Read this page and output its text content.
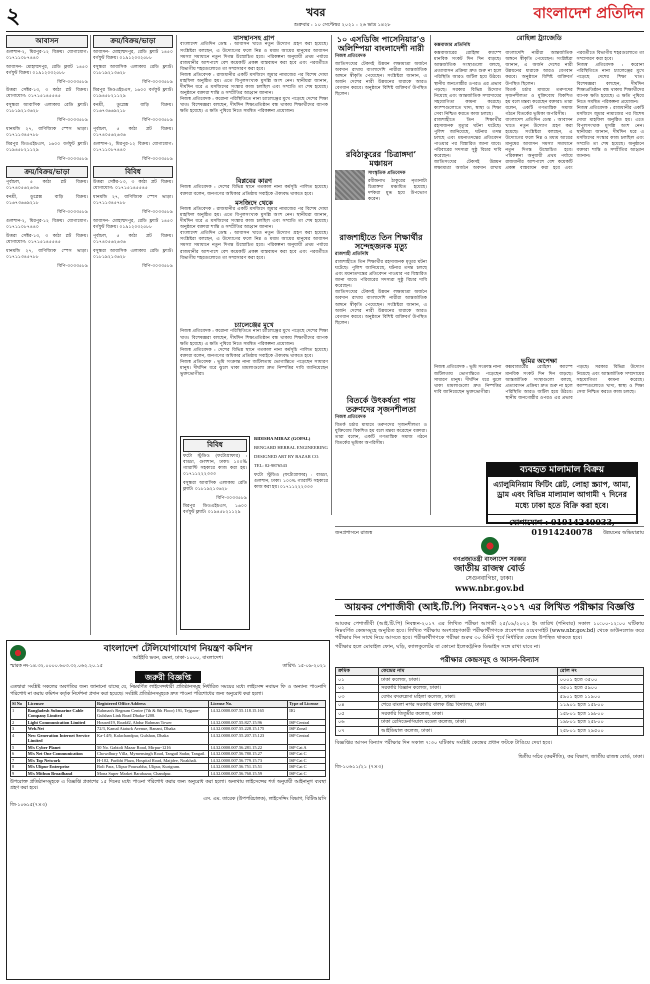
২	খবর
শুক্রবার : ১০ সেপ্টেম্বর ২০২১ : ২৬ ভাদ্র ১৪২৮
বাংলাদেশ প্রতিদিন
আবাসন
গুলশান-২, মিরপুর-১২ বিক্রয়। যোগাযোগ: ০১৭১১০৮৭৪৪০
আবাসন- মোহাম্মদপুর, রেডি ফ্ল্যাট ১৪৫০ বর্গফুট বিক্রয়। ০১৯১২০৩২৫৮৮
বিপি-৩০৩৩৫৮৯
উত্তরা সেক্টর-১৩, ৩ কাঠা প্লট বিক্রয়। যোগাযোগ: ০১৭১৫১৪৫৫৪৫
বসুন্ধরা আবাসিক এলাকায় রেডি ফ্ল্যাট। ০১৮১৯২১৩৬২৮
বিপি-৩০৩৩৫৮৯
ধানমন্ডি ২৭, বাণিজ্যিক স্পেস ভাড়া। ০১৭১১৩৪৫৭৮৮
মিরপুর ডিওএইচএস, ১৬০০ বর্গফুট ফ্ল্যাট। ০১৯৪৫৮২১১২৯
বিপি-৩০৩৩৫৮৯
ক্রয়/বিক্রয়/ভাড়া
পূর্বাচল, ৫ কাঠা প্লট বিক্রয়। ০১৭৪০৫৬২৬৩৬
বনশ্রী, ডুপ্লেক্স বাড়ি বিক্রয়। ০১৬৭৩৬৬৯২১৮
বিপি-৩০৩৩৫৮৯
গুলশান-২, মিরপুর-১২ বিক্রয়। যোগাযোগ: ০১৭১১০৮৭৪৪০
উত্তরা সেক্টর-১৩, ৩ কাঠা প্লট বিক্রয়। যোগাযোগ: ০১৭১৫১৪৫৫৪৫
ধানমন্ডি ২৭, বাণিজ্যিক স্পেস ভাড়া। ০১৭১১৩৪৫৭৮৮
বিপি-৩০৩৩৫৮৯
ক্রয়/বিক্রয়/ভাড়া
আবাসন- মোহাম্মদপুর, রেডি ফ্ল্যাট ১৪৫০ বর্গফুট বিক্রয়। ০১৯১২০৩২৫৮৮
বসুন্ধরা আবাসিক এলাকায় রেডি ফ্ল্যাট। ০১৮১৯২১৩৬২৮
বিপি-৩০৩৩৫৮৯
মিরপুর ডিওএইচএস, ১৬০০ বর্গফুট ফ্ল্যাট। ০১৯৪৫৮২১১২৯
বনশ্রী, ডুপ্লেক্স বাড়ি বিক্রয়। ০১৬৭৩৬৬৯২১৮
বিপি-৩০৩৩৫৮৯
পূর্বাচল, ৫ কাঠা প্লট বিক্রয়। ০১৭৪০৫৬২৬৩৬
গুলশান-২, মিরপুর-১২ বিক্রয়। যোগাযোগ: ০১৭১১০৮৭৪৪০
বিপি-৩০৩৩৫৮৯
বিবিধ
উত্তরা সেক্টর-১৩, ৩ কাঠা প্লট বিক্রয়। যোগাযোগ: ০১৭১৫১৪৫৫৪৫
ধানমন্ডি ২৭, বাণিজ্যিক স্পেস ভাড়া। ০১৭১১৩৪৫৭৮৮
বিপি-৩০৩৩৫৮৯
আবাসন- মোহাম্মদপুর, রেডি ফ্ল্যাট ১৪৫০ বর্গফুট বিক্রয়। ০১৯১২০৩২৫৮৮
পূর্বাচল, ৫ কাঠা প্লট বিক্রয়। ০১৭৪০৫৬২৬৩৬
বসুন্ধরা আবাসিক এলাকায় রেডি ফ্ল্যাট। ০১৮১৯২১৩৬২৮
বিপি-৩০৩৩৫৮৯
বাসস্থানসহ গ্রাপ
বাংলাদেশ প্রতিদিন ডেস্ক : আবাসন খাতে নতুন উদ্যোগ গ্রহণ করা হয়েছে। সংশ্লিষ্টরা বলছেন, এ উদ্যোগের ফলে নিম্ন ও মধ্যম আয়ের মানুষের আবাসন সমস্যা সমাধানে নতুন দিগন্ত উন্মোচিত হবে। পরিকল্পনা অনুযায়ী প্রথম পর্যায়ে রাজধানীর আশপাশে বেশ কয়েকটি প্রকল্প বাস্তবায়ন করা হবে এবং পরবর্তীতে বিভাগীয় শহরগুলোতে তা সম্প্রসারণ করা হবে।
নিজস্ব প্রতিবেদক : রাজধানীর একটি মসজিদে জুমার নামাজের পর বিশেষ দোয়া মাহফিল অনুষ্ঠিত হয়। এতে বিপুলসংখ্যক মুসল্লি অংশ নেন। স্থানীয়রা জানান, দীর্ঘদিন ধরে এ মসজিদের সংস্কার কাজ চলছিল এবং সম্প্রতি তা শেষ হয়েছে। অনুষ্ঠানে বক্তারা শান্তি ও সম্প্রীতির আহ্বান জানান।
নিজস্ব প্রতিবেদক : করোনা পরিস্থিতিতে নানা চ্যালেঞ্জের মুখে পড়েছে দেশের শিক্ষা খাত। বিশেষজ্ঞরা বলছেন, দীর্ঘদিন শিক্ষাপ্রতিষ্ঠান বন্ধ থাকায় শিক্ষার্থীদের ব্যাপক ক্ষতি হয়েছে। এ ক্ষতি পুষিয়ে নিতে সমন্বিত পরিকল্পনা প্রয়োজন।
বিপ্লবের কারণ
নিজস্ব প্রতিবেদক : দেশের বিভিন্ন স্থানে গতকাল নানা কর্মসূচি পালিত হয়েছে। বক্তারা বলেন, জনগণের অধিকার প্রতিষ্ঠায় সবাইকে ঐক্যবদ্ধ থাকতে হবে।
মসজিদে থেকে
নিজস্ব প্রতিবেদক : রাজধানীর একটি মসজিদে জুমার নামাজের পর বিশেষ দোয়া মাহফিল অনুষ্ঠিত হয়। এতে বিপুলসংখ্যক মুসল্লি অংশ নেন। স্থানীয়রা জানান, দীর্ঘদিন ধরে এ মসজিদের সংস্কার কাজ চলছিল এবং সম্প্রতি তা শেষ হয়েছে। অনুষ্ঠানে বক্তারা শান্তি ও সম্প্রীতির আহ্বান জানান।
বাংলাদেশ প্রতিদিন ডেস্ক : আবাসন খাতে নতুন উদ্যোগ গ্রহণ করা হয়েছে। সংশ্লিষ্টরা বলছেন, এ উদ্যোগের ফলে নিম্ন ও মধ্যম আয়ের মানুষের আবাসন সমস্যা সমাধানে নতুন দিগন্ত উন্মোচিত হবে। পরিকল্পনা অনুযায়ী প্রথম পর্যায়ে রাজধানীর আশপাশে বেশ কয়েকটি প্রকল্প বাস্তবায়ন করা হবে এবং পরবর্তীতে বিভাগীয় শহরগুলোতে তা সম্প্রসারণ করা হবে।
চ্যালেঞ্জের মুখে
নিজস্ব প্রতিবেদক : করোনা পরিস্থিতিতে নানা চ্যালেঞ্জের মুখে পড়েছে দেশের শিক্ষা খাত। বিশেষজ্ঞরা বলছেন, দীর্ঘদিন শিক্ষাপ্রতিষ্ঠান বন্ধ থাকায় শিক্ষার্থীদের ব্যাপক ক্ষতি হয়েছে। এ ক্ষতি পুষিয়ে নিতে সমন্বিত পরিকল্পনা প্রয়োজন।
নিজস্ব প্রতিবেদক : দেশের বিভিন্ন স্থানে গতকাল নানা কর্মসূচি পালিত হয়েছে। বক্তারা বলেন, জনগণের অধিকার প্রতিষ্ঠায় সবাইকে ঐক্যবদ্ধ থাকতে হবে।
নিজস্ব প্রতিবেদক : ভূমি সংক্রান্ত নানা জটিলতায় ভোগান্তিতে পড়েছেন সাধারণ মানুষ। দীর্ঘদিন ধরে ঝুলে থাকা মামলাগুলো দ্রুত নিষ্পত্তির দাবি জানিয়েছেন ভুক্তভোগীরা।
বিবিধ
ফটো স্টুডিও (ফটোগ্রাফার) : বাড্ডা, গুলশান, ঢাকা। ১০০% গ্যারান্টি সহকারে কাজ করা হয়। ০১৭১১২২২৩৩৩
বসুন্ধরা আবাসিক এলাকায় রেডি ফ্ল্যাট। ০১৮১৯২১৩৬২৮
বিপি-৩০৩৩৫৮৯
মিরপুর ডিওএইচএস, ১৬০০ বর্গফুট ফ্ল্যাট। ০১৯৪৫৮২১১২৯
BIDISHA MIRAZ (GOPAL)
BENGARD HERBAL ENGINEERING
DESIGNED ART BY BAZAR CO.
TEL: 02-9876543
ফটো স্টুডিও (ফটোগ্রাফার) : বাড্ডা, গুলশান, ঢাকা। ১০০% গ্যারান্টি সহকারে কাজ করা হয়। ০১৭১১২২২৩৩৩
১০ এসডিজি পাসেনিয়ার’ও অলিম্পিয়া বাংলাদেশী নারী
নিজস্ব প্রতিবেদক
জাতিসংঘের টেকসই উন্নয়ন লক্ষ্যমাত্রা অর্জনে অবদান রাখায় বাংলাদেশি নারীরা আন্তর্জাতিক অঙ্গনে স্বীকৃতি পেয়েছেন। সংশ্লিষ্টরা জানান, এ অর্জন দেশের নারী উন্নয়নের ধারাকে আরও বেগবান করবে। অনুষ্ঠানে বিশিষ্ট ব্যক্তিবর্গ উপস্থিত ছিলেন।
রবিঠাকুরের ‘চিত্রাঙ্গদা’ মঞ্চায়ন
সাংস্কৃতিক প্রতিবেদক
রবীন্দ্রনাথ ঠাকুরের নৃত্যনাট্য চিত্রাঙ্গদা মঞ্চায়িত হয়েছে। দর্শকরা মুগ্ধ হয়ে উপভোগ করেন।
রাজশাহীতে তিন শিক্ষার্থীর সন্দেহজনক মৃত্যু
রাজশাহী প্রতিনিধি
রাজশাহীতে তিন শিক্ষার্থীর রহস্যজনক মৃত্যুর ঘটনা ঘটেছে। পুলিশ জানিয়েছে, ঘটনার তদন্ত চলছে এবং ময়নাতদন্তের প্রতিবেদন পাওয়ার পর বিস্তারিত জানা যাবে। পরিবারের সদস্যরা সুষ্ঠু বিচার দাবি করেছেন।
জাতিসংঘের টেকসই উন্নয়ন লক্ষ্যমাত্রা অর্জনে অবদান রাখায় বাংলাদেশি নারীরা আন্তর্জাতিক অঙ্গনে স্বীকৃতি পেয়েছেন। সংশ্লিষ্টরা জানান, এ অর্জন দেশের নারী উন্নয়নের ধারাকে আরও বেগবান করবে। অনুষ্ঠানে বিশিষ্ট ব্যক্তিবর্গ উপস্থিত ছিলেন।
বিতর্কে উৎকর্ষতা পায় তরুণদের সৃজনশীলতা
নিজস্ব প্রতিবেদক
বিতর্ক চর্চার মাধ্যমে তরুণদের সৃজনশীলতা ও যুক্তিবোধ বিকশিত হয় বলে মন্তব্য করেছেন বক্তারা। তারা বলেন, একটি গণতান্ত্রিক সমাজ গঠনে বিতর্কের ভূমিকা অপরিসীম।
রোহিঙ্গা ট্র্যাজেডি
কক্সবাজার প্রতিনিধি
কক্সবাজারের রোহিঙ্গা ক্যাম্পে মানবিক সংকট দিন দিন বাড়ছে। আন্তর্জাতিক সংস্থাগুলো বলছে, প্রত্যাবাসন প্রক্রিয়া দ্রুত শুরু না হলে পরিস্থিতি আরও জটিল হয়ে উঠবে। স্থানীয় জনগোষ্ঠীর ওপরও এর প্রভাব পড়ছে। সরকার বিভিন্ন উদ্যোগ নিয়েছে এবং আন্তর্জাতিক সম্প্রদায়ের সহযোগিতা কামনা করেছে। ক্যাম্পগুলোতে খাদ্য, স্বাস্থ্য ও শিক্ষা সেবা নিশ্চিত করতে কাজ চলছে।
রাজশাহীতে তিন শিক্ষার্থীর রহস্যজনক মৃত্যুর ঘটনা ঘটেছে। পুলিশ জানিয়েছে, ঘটনার তদন্ত চলছে এবং ময়নাতদন্তের প্রতিবেদন পাওয়ার পর বিস্তারিত জানা যাবে। পরিবারের সদস্যরা সুষ্ঠু বিচার দাবি করেছেন।
জাতিসংঘের টেকসই উন্নয়ন লক্ষ্যমাত্রা অর্জনে অবদান রাখায় বাংলাদেশি নারীরা আন্তর্জাতিক অঙ্গনে স্বীকৃতি পেয়েছেন। সংশ্লিষ্টরা জানান, এ অর্জন দেশের নারী উন্নয়নের ধারাকে আরও বেগবান করবে। অনুষ্ঠানে বিশিষ্ট ব্যক্তিবর্গ উপস্থিত ছিলেন।
বিতর্ক চর্চার মাধ্যমে তরুণদের সৃজনশীলতা ও যুক্তিবোধ বিকশিত হয় বলে মন্তব্য করেছেন বক্তারা। তারা বলেন, একটি গণতান্ত্রিক সমাজ গঠনে বিতর্কের ভূমিকা অপরিসীম।
বাংলাদেশ প্রতিদিন ডেস্ক : আবাসন খাতে নতুন উদ্যোগ গ্রহণ করা হয়েছে। সংশ্লিষ্টরা বলছেন, এ উদ্যোগের ফলে নিম্ন ও মধ্যম আয়ের মানুষের আবাসন সমস্যা সমাধানে নতুন দিগন্ত উন্মোচিত হবে। পরিকল্পনা অনুযায়ী প্রথম পর্যায়ে রাজধানীর আশপাশে বেশ কয়েকটি প্রকল্প বাস্তবায়ন করা হবে এবং পরবর্তীতে বিভাগীয় শহরগুলোতে তা সম্প্রসারণ করা হবে।
নিজস্ব প্রতিবেদক : করোনা পরিস্থিতিতে নানা চ্যালেঞ্জের মুখে পড়েছে দেশের শিক্ষা খাত। বিশেষজ্ঞরা বলছেন, দীর্ঘদিন শিক্ষাপ্রতিষ্ঠান বন্ধ থাকায় শিক্ষার্থীদের ব্যাপক ক্ষতি হয়েছে। এ ক্ষতি পুষিয়ে নিতে সমন্বিত পরিকল্পনা প্রয়োজন।
নিজস্ব প্রতিবেদক : রাজধানীর একটি মসজিদে জুমার নামাজের পর বিশেষ দোয়া মাহফিল অনুষ্ঠিত হয়। এতে বিপুলসংখ্যক মুসল্লি অংশ নেন। স্থানীয়রা জানান, দীর্ঘদিন ধরে এ মসজিদের সংস্কার কাজ চলছিল এবং সম্প্রতি তা শেষ হয়েছে। অনুষ্ঠানে বক্তারা শান্তি ও সম্প্রীতির আহ্বান জানান।
ভূমির অপেক্ষা
নিজস্ব প্রতিবেদক : ভূমি সংক্রান্ত নানা জটিলতায় ভোগান্তিতে পড়েছেন সাধারণ মানুষ। দীর্ঘদিন ধরে ঝুলে থাকা মামলাগুলো দ্রুত নিষ্পত্তির দাবি জানিয়েছেন ভুক্তভোগীরা।
কক্সবাজারের রোহিঙ্গা ক্যাম্পে মানবিক সংকট দিন দিন বাড়ছে। আন্তর্জাতিক সংস্থাগুলো বলছে, প্রত্যাবাসন প্রক্রিয়া দ্রুত শুরু না হলে পরিস্থিতি আরও জটিল হয়ে উঠবে। স্থানীয় জনগোষ্ঠীর ওপরও এর প্রভাব পড়ছে। সরকার বিভিন্ন উদ্যোগ নিয়েছে এবং আন্তর্জাতিক সম্প্রদায়ের সহযোগিতা কামনা করেছে। ক্যাম্পগুলোতে খাদ্য, স্বাস্থ্য ও শিক্ষা সেবা নিশ্চিত করতে কাজ চলছে।
ব্যবহৃত মালামাল বিক্রয়
এ্যালুমিনিয়াম ফিটিং গ্লেট, লোহা স্ক্র্যাপ, আমা, ড্রাম এবং বিভিন্ন মালামাল আগামী ৭ দিনের মধ্যে ঢাকা হতে বিক্রি করা হবে।
যোগাযোগ : 01914240033, 01914240078
জনপ্রশাসনে রাজস্ব	উন্নয়নের অভিযাত্রায়
গণপ্রজাতন্ত্রী বাংলাদেশ সরকার
জাতীয় রাজস্ব বোর্ড
সেগুনবাগিচা, ঢাকা।
www.nbr.gov.bd
আয়কর পেশাজীবী (আই.টি.পি) নিবন্ধন-২০১৭ এর লিখিত পরীক্ষার বিজ্ঞপ্তি
আয়কর পেশাজীবী (আই.টি.পি) নিবন্ধন-২০১৭ এর লিখিত পরীক্ষা আগামী ২৫/০৯/২০২১ ইং তারিখ (শনিবার) সকাল ১০:০০-১২:০০ ঘটিকায় নিম্নবর্ণিত কেন্দ্রসমূহে অনুষ্ঠিত হবে। লিখিত পরীক্ষায় অংশগ্রহণকারী পরীক্ষার্থীগণকে প্রবেশপত্র ওয়েবসাইট (www.nbr.gov.bd) থেকে ডাউনলোড করে পরীক্ষার দিন সাথে নিয়ে আসতে হবে। পরীক্ষার্থীগণকে পরীক্ষা শুরুর ৩০ মিনিট পূর্বে নির্ধারিত কেন্দ্রে উপস্থিত থাকতে হবে।
পরীক্ষার হলে মোবাইল ফোন, ঘড়ি, ক্যালকুলেটর বা কোনো ইলেকট্রনিক ডিভাইস সঙ্গে রাখা যাবে না।
পরীক্ষার কেন্দ্রসমূহ ও আসন-বিন্যাস
ক্রমিক	কেন্দ্রের নাম	রোল নং
০১	ঢাকা কলেজ, ঢাকা।	০০০১ হতে ৩৫০০
০২	সরকারি বিজ্ঞান কলেজ, ঢাকা।	৩৫০১ হতে ৫৯০০
০৩	বেগম বদরুন্নেসা মহিলা কলেজ, ঢাকা।	৫৯০১ হতে ১১৯০০
০৪	শেরে বাংলা নগর সরকারি বালক উচ্চ বিদ্যালয়, ঢাকা।	১১৯০১ হতে ১৫৮০০
০৫	সরকারি তিতুমীর কলেজ, ঢাকা।	১৫৮০১ হতে ১৯৮০০
০৬	ঢাকা রেসিডেনসিয়াল মডেল কলেজ, ঢাকা।	১৯৮০১ হতে ২৫৮০০
০৭	আইডিয়াল কলেজ, ঢাকা।	২৫৮০১ হতে ২৯৫০০
বিজ্ঞপ্তির আসন বিন্যাস পরীক্ষার দিন সকাল ৭:৩০ ঘটিকায় সংশ্লিষ্ট কেন্দ্রের প্রধান ফটকে টাঙিয়ে দেয়া হবে।
দ্বিতীয় সচিব (করনীতি), কর বিভাগ, জাতীয় রাজস্ব বোর্ড, ঢাকা।
জি-১০৬১১/২১ (৭×৩)
বাংলাদেশ টেলিযোগাযোগ নিয়ন্ত্রণ কমিশন
আইইবি ভবন, রমনা, ঢাকা-১০০০, বাংলাদেশ।
স্মারক নং-১৪.৩২.০০০০.৬০৩.৩২.০৬২.২০.১৫	তারিখ: ১৫-০৯-২০২১
জরুরী বিজ্ঞপ্তি
এতদ্বারা সংশ্লিষ্ট সকলের অবগতির জন্য জানানো যাচ্ছে যে, নিম্নবর্ণিত লাইসেন্সধারী প্রতিষ্ঠানসমূহ নির্ধারিত সময়ের মধ্যে লাইসেন্স নবায়ন ফি ও অন্যান্য পাওনাদি পরিশোধ না করায় কমিশন কর্তৃক নির্দেশনা প্রদান করা হয়েছে। সংশ্লিষ্ট প্রতিষ্ঠানসমূহকে দ্রুত পাওনা পরিশোধের জন্য অনুরোধ করা হলো।
Sl No	Licensee	Registered Office Address	License No.	Type of License
1	Bangladesh Submarine Cable Company Limited	Rahman's Regnum Centre (7th & 8th Floor) 191, Tejgaon-Gulshan Link Road Dhaka-1208.	14.32.0000.007.55.118.15.165	IIG
2	Light Communication Limited	House#19, Road#2, Abdur Rahman Tower	14.32.0000.007.55.827.15.96	ISP Central
3	Web.Net	72/3, Kamal Ataturk Avenue, Banani, Dhaka	14.32.0000.007.55.228.15.175	ISP Zonal
4	New Generation Internet Service Limited	Ka-14/9, Kalachandpur, Gulshan, Dhaka	14.32.0000.007.55.207.15.123	ISP Central
5	M/s Cyber Planet	50 No. Gabtoli Mazar Road, Mirpur-1216	14.32.0000.007.56.281.15.22	ISP Cat A
6	M/s Net One Communication	Chowdhury Villa, Mymensingh Road, Tangail Sadar, Tangail.	14.32.0000.007.56.780.15.27	ISP Cat C
7	M/s Top Network	H-102, Paribhi Plaza, Hospital Road, Maijdee, Noakhali.	14.32.0000.007.56.779.15.73	ISP Cat C
8	M/s Ulipur Enterprise	Boli Para, Ulipur Poursabha, Ulipur, Kurigram.	14.32.0000.007.56.751.15.51	ISP Cat C
9	M/s Mithun Broadband	Mona Super Market Barabazar, Chandpur.	14.32.0000.007.56.760.15.59	ISP Cat C
উপরোক্ত প্রতিষ্ঠানসমূহকে এ বিজ্ঞপ্তি প্রকাশের ১৫ দিনের মধ্যে পাওনা পরিশোধ করার জন্য অনুরোধ করা হলো। অন্যথায় লাইসেন্সের শর্ত অনুযায়ী আইনানুগ ব্যবস্থা গ্রহণ করা হবে।
এস. এম. তারেক (উপপরিচালক), লাইসেন্সিং বিভাগ, বিটিআরসি
জি-১০৬১৫(৭×৩)
